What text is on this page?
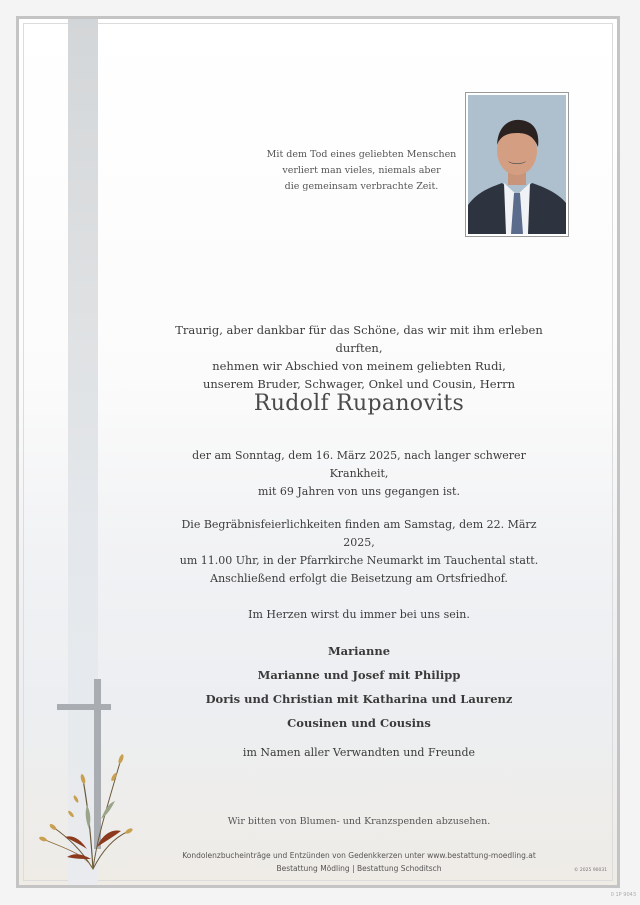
Mit dem Tod eines geliebten Menschen
verliert man vieles, niemals aber
die gemeinsam verbrachte Zeit.
Traurig, aber dankbar für das Schöne, das wir mit ihm erleben durften,
nehmen wir Abschied von meinem geliebten Rudi,
unserem Bruder, Schwager, Onkel und Cousin, Herrn
Rudolf Rupanovits
der am Sonntag, dem 16. März 2025, nach langer schwerer Krankheit,
mit 69 Jahren von uns gegangen ist.
Die Begräbnisfeierlichkeiten finden am Samstag, dem 22. März 2025,
um 11.00 Uhr, in der Pfarrkirche Neumarkt im Tauchental statt.
Anschließend erfolgt die Beisetzung am Ortsfriedhof.
Im Herzen wirst du immer bei uns sein.
Marianne
Marianne und Josef mit Philipp
Doris und Christian mit Katharina und Laurenz
Cousinen und Cousins
im Namen aller Verwandten und Freunde
Wir bitten von Blumen- und Kranzspenden abzusehen.
Kondolenzbucheinträge und Entzünden von Gedenkkerzen unter www.bestattung-moedling.at
Bestattung Mödling | Bestattung Schoditsch	© 2025 90031
0 1P 9043
